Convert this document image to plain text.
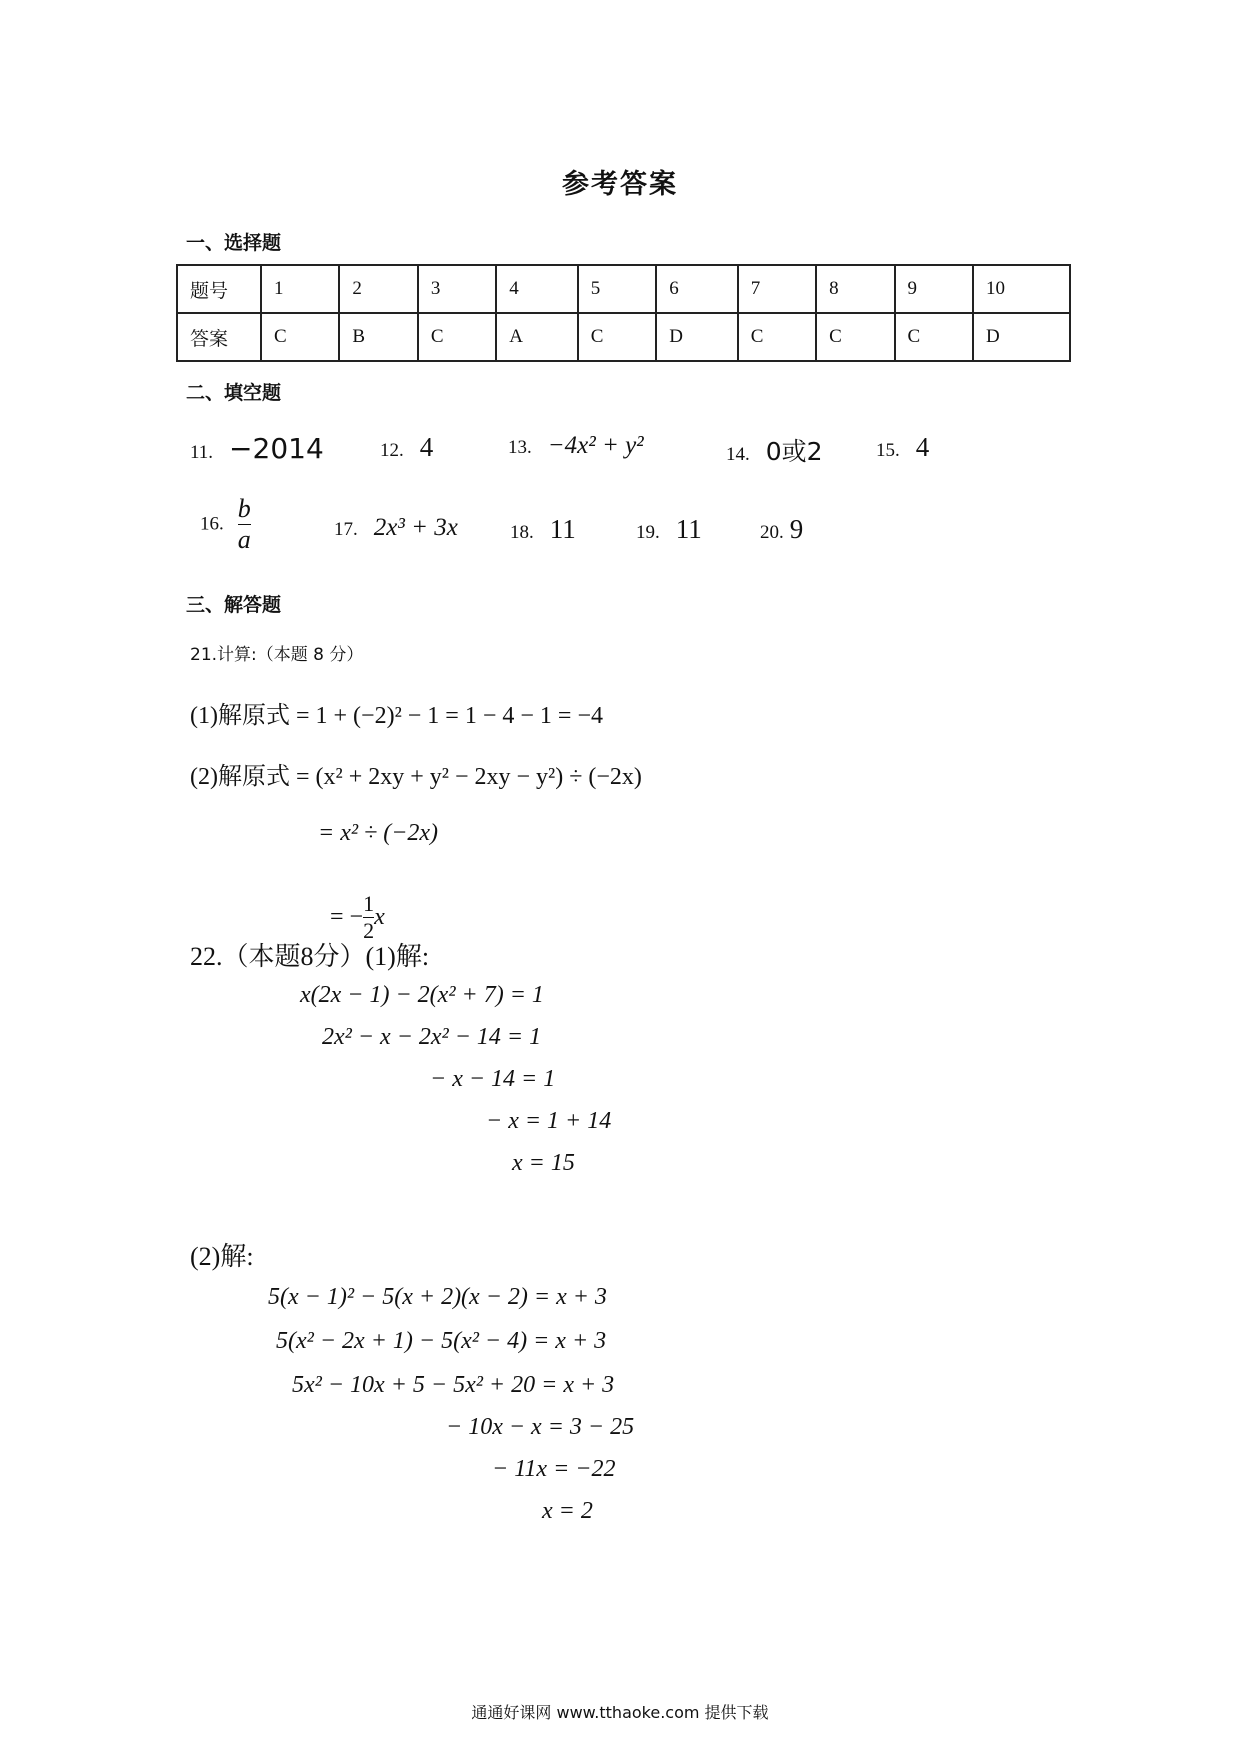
参考答案
一、选择题
题号	1	2	3	4	5	6	7	8	9	10
答案	C	B	C	A	C	D	C	C	C	D
二、填空题
11. −2014	12. 4	13. −4x² + y²	14. 0或2	15. 4
16. $\frac{b}{a}$	17. 2x³ + 3x	18. 11	19. 11	20. 9
三、解答题
21.计算:（本题 8 分）
(1)解原式 = 1 + (−2)² − 1 = 1 − 4 − 1 = −4
(2)解原式 = (x² + 2xy + y² − 2xy − y²) ÷ (−2x)
= x² ÷ (−2x)

= − $\frac{1}{2}$ x

22.（本题8分）(1)解:
x(2x − 1) − 2(x² + 7) = 1
2x² − x − 2x² − 14 = 1
− x − 14 = 1
− x = 1 + 14
x = 15
(2)解:
5(x − 1)² − 5(x + 2)(x − 2) = x + 3
5(x² − 2x + 1) − 5(x² − 4) = x + 3
5x² − 10x + 5 − 5x² + 20 = x + 3
− 10x − x = 3 − 25
− 11x = −22
x = 2
通通好课网 www.tthaoke.com 提供下载
